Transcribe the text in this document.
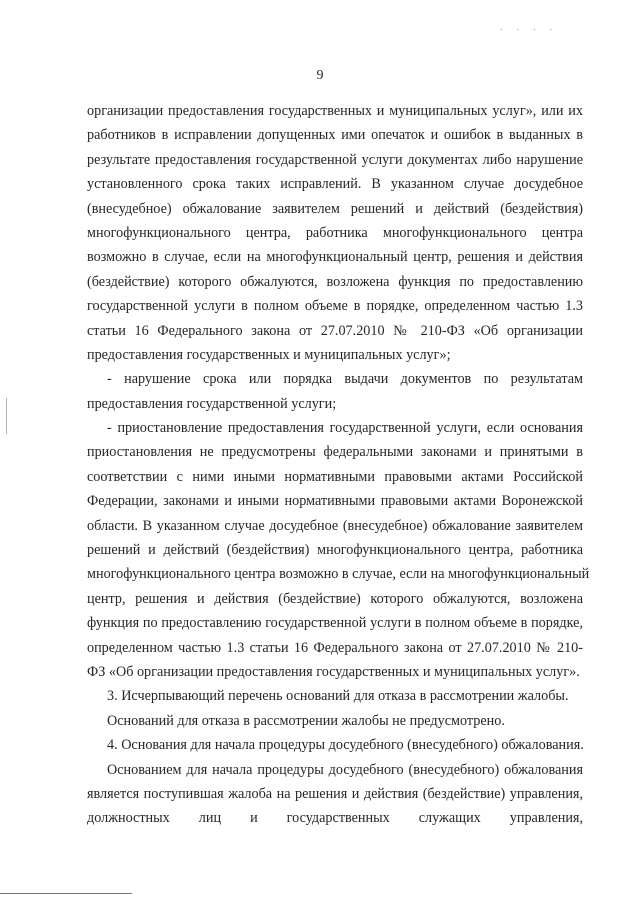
. . . .
9
организации предоставления государственных и муниципальных услуг», или их
работников в исправлении допущенных ими опечаток и ошибок в выданных в
результате предоставления государственной услуги документах либо нарушение
установленного срока таких исправлений. В указанном случае досудебное
(внесудебное) обжалование заявителем решений и действий (бездействия)
многофункционального центра, работника многофункционального центра
возможно в случае, если на многофункциональный центр, решения и действия
(бездействие) которого обжалуются, возложена функция по предоставлению
государственной услуги в полном объеме в порядке, определенном частью 1.3
статьи 16 Федерального закона от 27.07.2010 № 210-ФЗ «Об организации
предоставления государственных и муниципальных услуг»;
- нарушение срока или порядка выдачи документов по результатам
предоставления государственной услуги;
- приостановление предоставления государственной услуги, если основания
приостановления не предусмотрены федеральными законами и принятыми в
соответствии с ними иными нормативными правовыми актами Российской
Федерации, законами и иными нормативными правовыми актами Воронежской
области. В указанном случае досудебное (внесудебное) обжалование заявителем
решений и действий (бездействия) многофункционального центра, работника
многофункционального центра возможно в случае, если на многофункциональный
центр, решения и действия (бездействие) которого обжалуются, возложена
функция по предоставлению государственной услуги в полном объеме в порядке,
определенном частью 1.3 статьи 16 Федерального закона от 27.07.2010 № 210-
ФЗ «Об организации предоставления государственных и муниципальных услуг».
3. Исчерпывающий перечень оснований для отказа в рассмотрении жалобы.
Оснований для отказа в рассмотрении жалобы не предусмотрено.
4. Основания для начала процедуры досудебного (внесудебного) обжалования.
Основанием для начала процедуры досудебного (внесудебного) обжалования
является поступившая жалоба на решения и действия (бездействие) управления,
должностных лиц и государственных служащих управления,
